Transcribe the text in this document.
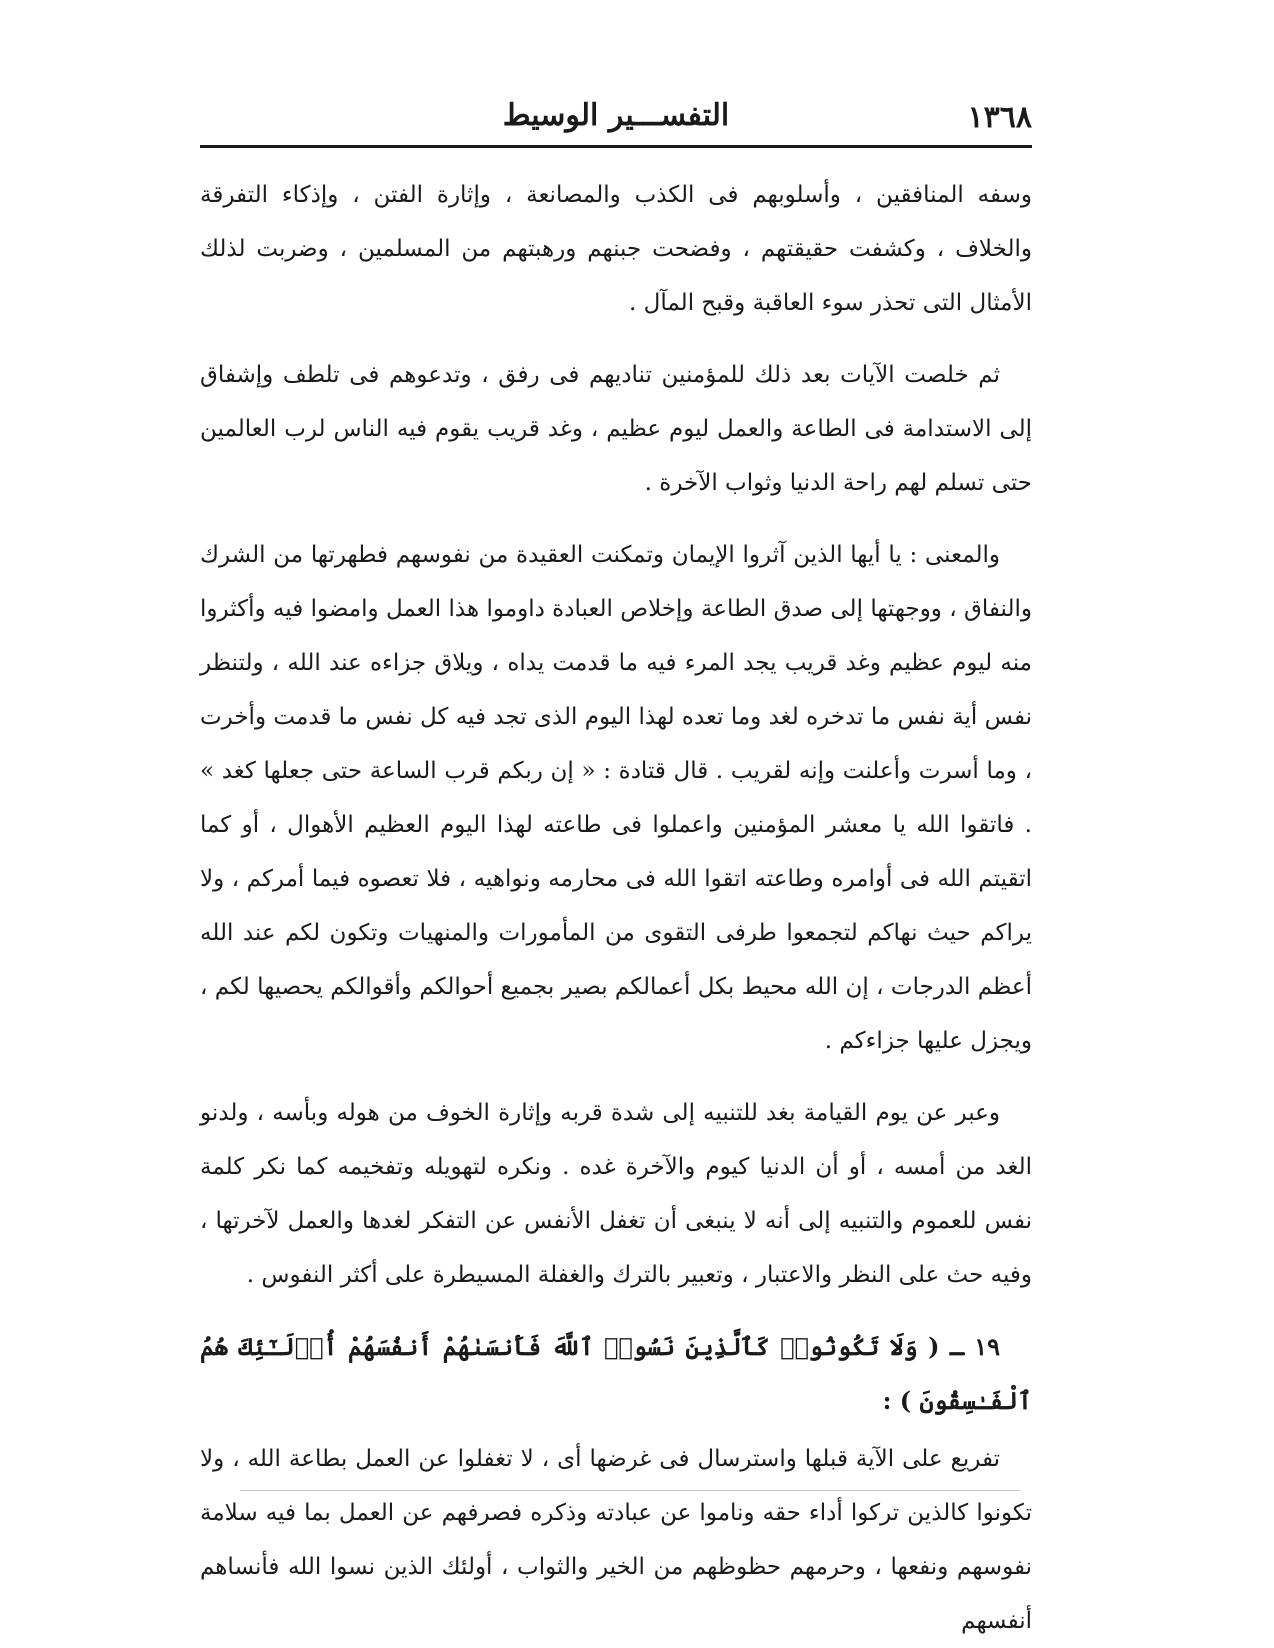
١٣٦٨
التفســـير الوسيط

وسفه المنافقين ، وأسلوبهم فى الكذب والمصانعة ، وإثارة الفتن ، وإذكاء التفرقة والخلاف ، وكشفت حقيقتهم ، وفضحت جبنهم ورهبتهم من المسلمين ، وضربت لذلك الأمثال التى تحذر سوء العاقبة وقبح المآل .

ثم خلصت الآيات بعد ذلك للمؤمنين تناديهم فى رفق ، وتدعوهم فى تلطف وإشفاق إلى الاستدامة فى الطاعة والعمل ليوم عظيم ، وغد قريب يقوم فيه الناس لرب العالمين حتى تسلم لهم راحة الدنيا وثواب الآخرة .

والمعنى : يا أيها الذين آثروا الإيمان وتمكنت العقيدة من نفوسهم فطهرتها من الشرك والنفاق ، ووجهتها إلى صدق الطاعة وإخلاص العبادة داوموا هذا العمل وامضوا فيه وأكثروا منه ليوم عظيم وغد قريب يجد المرء فيه ما قدمت يداه ، ويلاق جزاءه عند الله ، ولتنظر نفس أية نفس ما تدخره لغد وما تعده لهذا اليوم الذى تجد فيه كل نفس ما قدمت وأخرت ، وما أسرت وأعلنت وإنه لقريب . قال قتادة : « إن ربكم قرب الساعة حتى جعلها كغد » . فاتقوا الله يا معشر المؤمنين واعملوا فى طاعته لهذا اليوم العظيم الأهوال ، أو كما اتقيتم الله فى أوامره وطاعته اتقوا الله فى محارمه ونواهيه ، فلا تعصوه فيما أمركم ، ولا يراكم حيث نهاكم لتجمعوا طرفى التقوى من المأمورات والمنهيات وتكون لكم عند الله أعظم الدرجات ، إن الله محيط بكل أعمالكم بصير بجميع أحوالكم وأقوالكم يحصيها لكم ، ويجزل عليها جزاءكم .

وعبر عن يوم القيامة بغد للتنبيه إلى شدة قربه وإثارة الخوف من هوله وبأسه ، ولدنو الغد من أمسه ، أو أن الدنيا كيوم والآخرة غده . ونكره لتهويله وتفخيمه كما نكر كلمة نفس للعموم والتنبيه إلى أنه لا ينبغى أن تغفل الأنفس عن التفكر لغدها والعمل لآخرتها ، وفيه حث على النظر والاعتبار ، وتعبير بالترك والغفلة المسيطرة على أكثر النفوس .

١٩ ـ ( وَلَا تَكُونُوا۟ كَٱلَّذِينَ نَسُوا۟ ٱللَّهَ فَأَنسَىٰهُمْ أَنفُسَهُمْ أُو۟لَـٰٓئِكَ هُمُ ٱلْفَـٰسِقُونَ ) :

تفريع على الآية قبلها واسترسال فى غرضها أى ، لا تغفلوا عن العمل بطاعة الله ، ولا تكونوا كالذين تركوا أداء حقه وناموا عن عبادته وذكره فصرفهم عن العمل بما فيه سلامة نفوسهم ونفعها ، وحرمهم حظوظهم من الخير والثواب ، أولئك الذين نسوا الله فأنساهم أنفسهم
